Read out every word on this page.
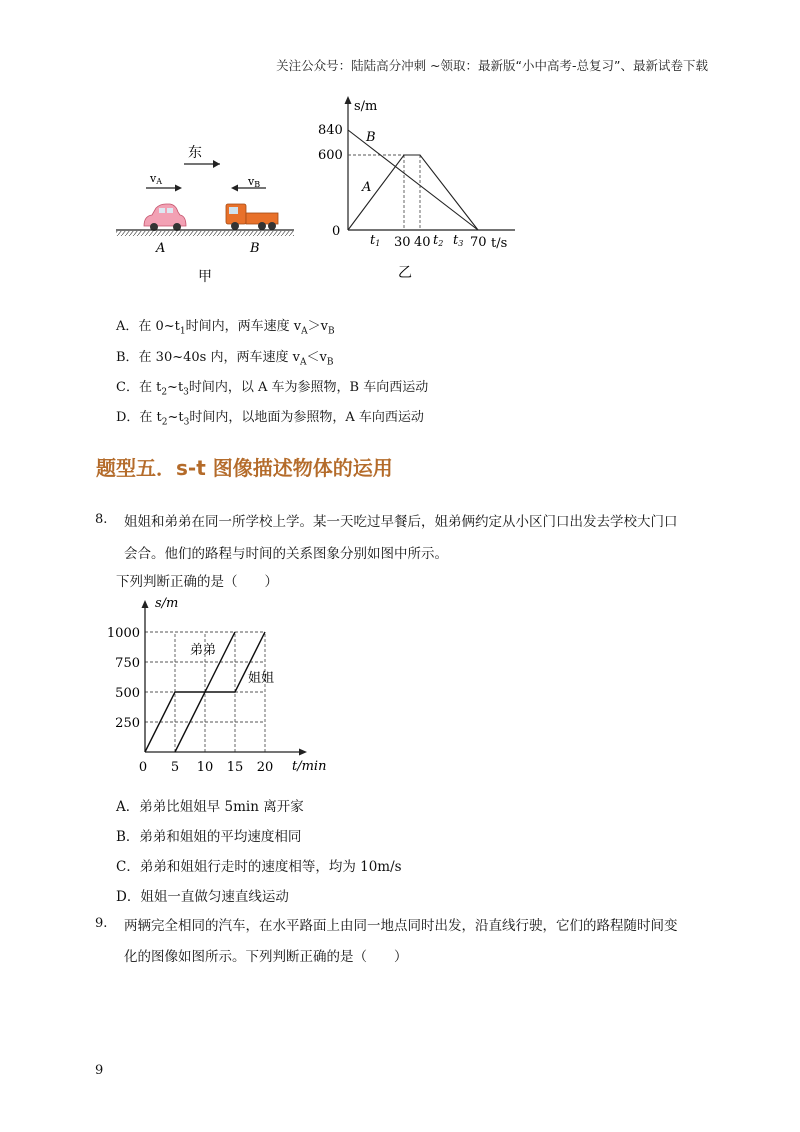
关注公众号：陆陆高分冲刺 ~领取：最新版“小中高考-总复习”、最新试卷下载
东
vA	vB
A	B
甲
s/m
t/s
0
840
600
A
B
t1 30 40 t2 t3 70
乙
A．在 $0\sim t_1$时间内，两车速度 $v_A>v_B$
B．在 30~40s 内，两车速度 $v_A<v_B$
C．在 $t_2\sim t_3$时间内，以 A 车为参照物，B 车向西运动
D．在 $t_2\sim t_3$时间内，以地面为参照物，A 车向西运动
题型五．s-t 图像描述物体的运用
8. 姐姐和弟弟在同一所学校上学。某一天吃过早餐后，姐弟俩约定从小区门口出发去学校大门口
会合。他们的路程与时间的关系图象分别如图中所示。
下列判断正确的是（　　）
s/m
t/min
250
500
750
1000
0 5 10 15 20
弟弟
姐姐
A．弟弟比姐姐早 5min 离开家
B．弟弟和姐姐的平均速度相同
C．弟弟和姐姐行走时的速度相等，均为 10m/s
D．姐姐一直做匀速直线运动
9. 两辆完全相同的汽车，在水平路面上由同一地点同时出发，沿直线行驶，它们的路程随时间变
化的图像如图所示。下列判断正确的是（　　）
9
